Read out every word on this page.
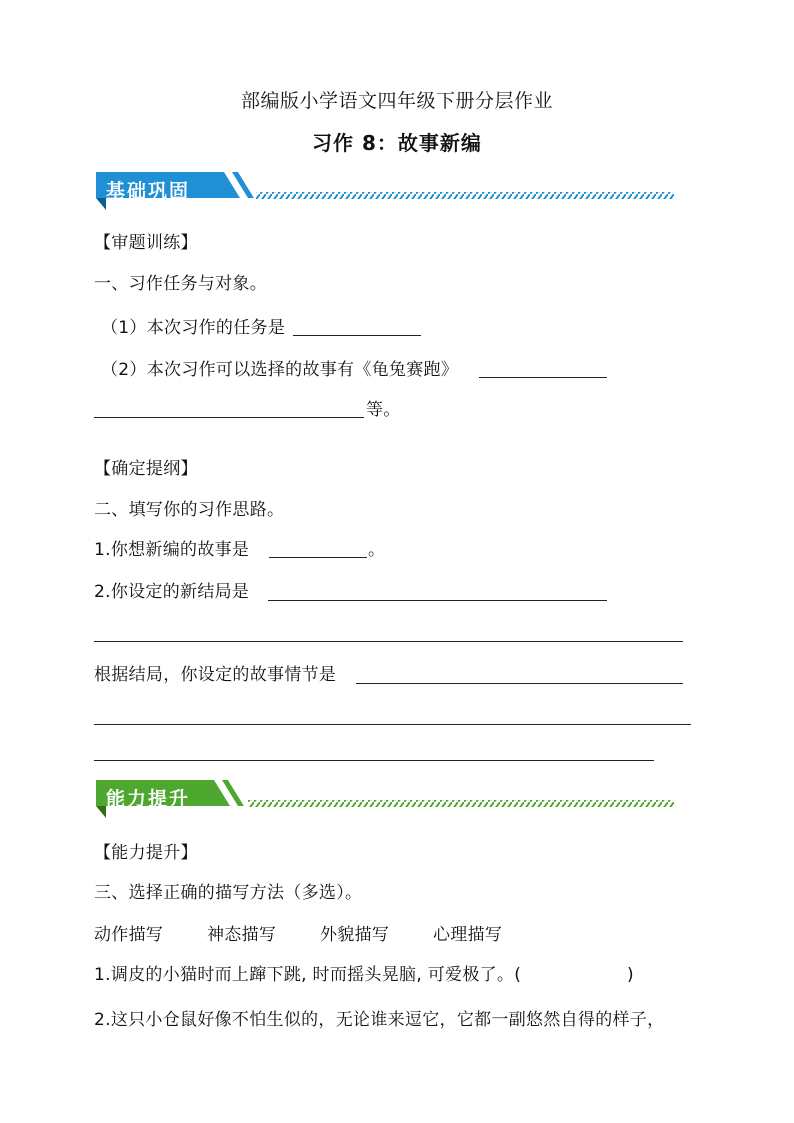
部编版小学语文四年级下册分层作业
习作 8：故事新编
基础巩固
【审题训练】
一、习作任务与对象。
（1）本次习作的任务是
（2）本次习作可以选择的故事有《龟兔赛跑》
等。
【确定提纲】
二、填写你的习作思路。
1.你想新编的故事是	。
2.你设定的新结局是
根据结局，你设定的故事情节是
能力提升
【能力提升】
三、选择正确的描写方法（多选）。
动作描写	神态描写	外貌描写	心理描写
1.调皮的小猫时而上蹿下跳, 时而摇头晃脑, 可爱极了。(	)
2.这只小仓鼠好像不怕生似的，无论谁来逗它，它都一副悠然自得的样子，
